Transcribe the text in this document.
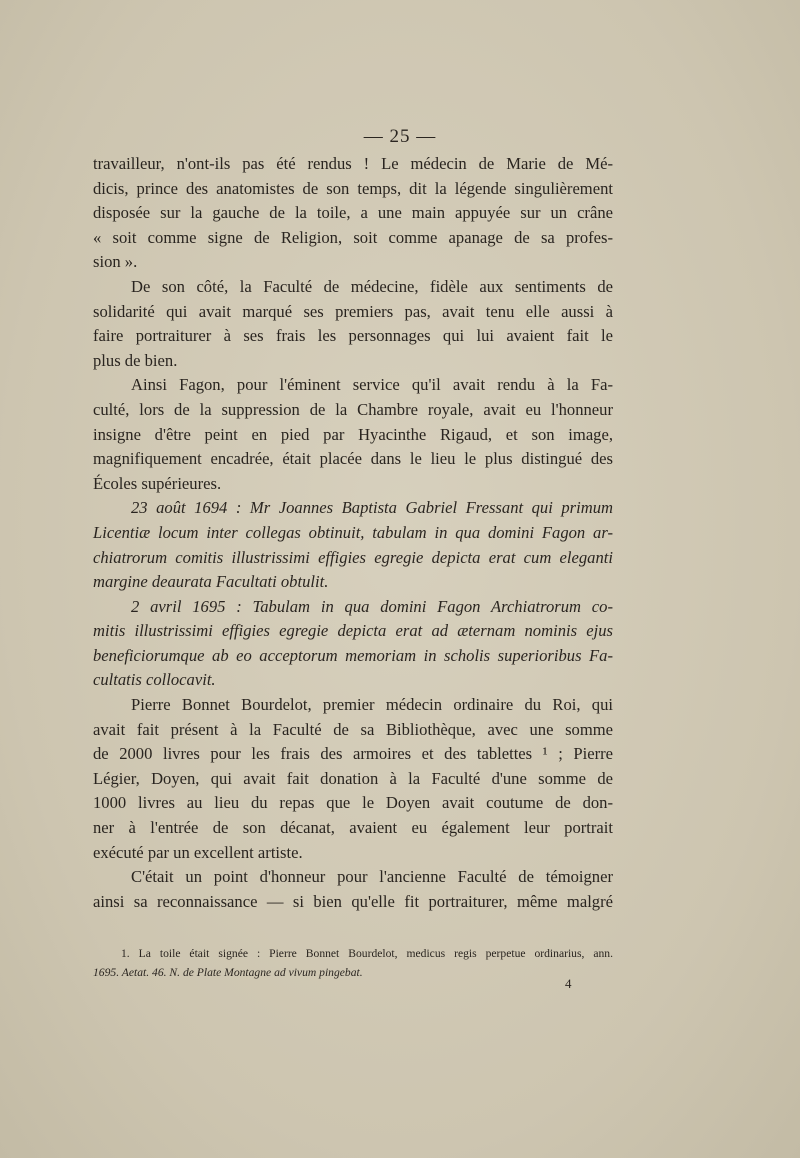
— 25 —

travailleur, n'ont-ils pas été rendus ! Le médecin de Marie de Mé-
dicis, prince des anatomistes de son temps, dit la légende singulièrement
disposée sur la gauche de la toile, a une main appuyée sur un crâne
« soit comme signe de Religion, soit comme apanage de sa profes-
sion ».

De son côté, la Faculté de médecine, fidèle aux sentiments de
solidarité qui avait marqué ses premiers pas, avait tenu elle aussi à
faire portraiturer à ses frais les personnages qui lui avaient fait le
plus de bien.

Ainsi Fagon, pour l'éminent service qu'il avait rendu à la Fa-
culté, lors de la suppression de la Chambre royale, avait eu l'honneur
insigne d'être peint en pied par Hyacinthe Rigaud, et son image,
magnifiquement encadrée, était placée dans le lieu le plus distingué des
Écoles supérieures.

23 août 1694 : Mr Joannes Baptista Gabriel Fressant qui primum
Licentiæ locum inter collegas obtinuit, tabulam in qua domini Fagon ar-
chiatrorum comitis illustrissimi effigies egregie depicta erat cum eleganti
margine deaurata Facultati obtulit.

2 avril 1695 : Tabulam in qua domini Fagon Archiatrorum co-
mitis illustrissimi effigies egregie depicta erat ad æternam nominis ejus
beneficiorumque ab eo acceptorum memoriam in scholis superioribus Fa-
cultatis collocavit.

Pierre Bonnet Bourdelot, premier médecin ordinaire du Roi, qui
avait fait présent à la Faculté de sa Bibliothèque, avec une somme
de 2000 livres pour les frais des armoires et des tablettes ¹ ; Pierre
Légier, Doyen, qui avait fait donation à la Faculté d'une somme de
1000 livres au lieu du repas que le Doyen avait coutume de don-
ner à l'entrée de son décanat, avaient eu également leur portrait
exécuté par un excellent artiste.

C'était un point d'honneur pour l'ancienne Faculté de témoigner
ainsi sa reconnaissance — si bien qu'elle fit portraiturer, même malgré

1. La toile était signée : Pierre Bonnet Bourdelot, medicus regis perpetue ordinarius, ann.
1695. Aetat. 46. N. de Plate Montagne ad vivum pingebat.
4
